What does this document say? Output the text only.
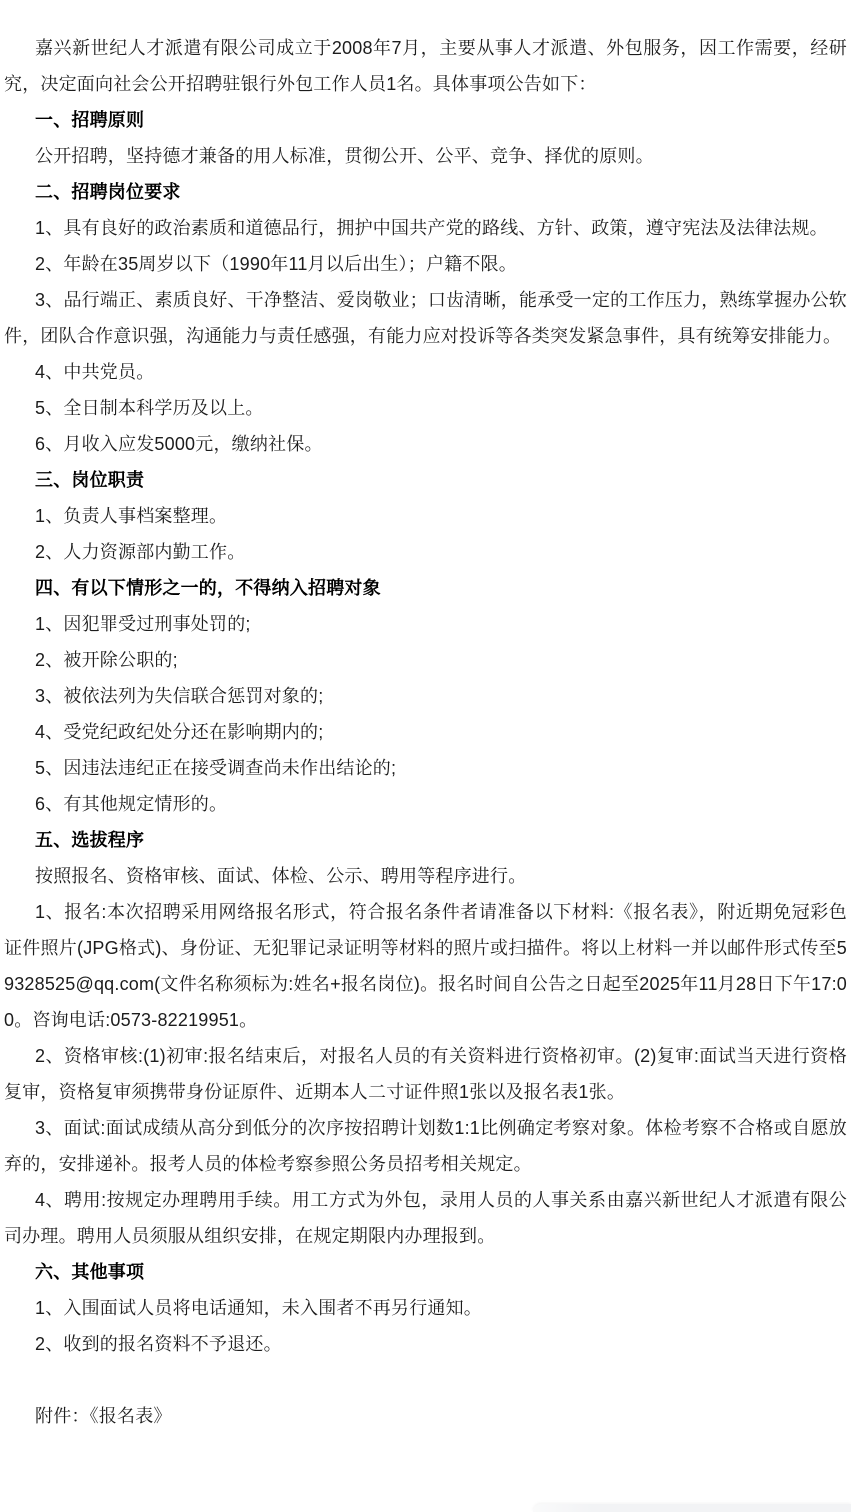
嘉兴新世纪人才派遣有限公司成立于2008年7月，主要从事人才派遣、外包服务，因工作需要，经研究，决定面向社会公开招聘驻银行外包工作人员1名。具体事项公告如下：

一、招聘原则

公开招聘，坚持德才兼备的用人标准，贯彻公开、公平、竞争、择优的原则。

二、招聘岗位要求

1、具有良好的政治素质和道德品行，拥护中国共产党的路线、方针、政策，遵守宪法及法律法规。

2、年龄在35周岁以下（1990年11月以后出生）；户籍不限。

3、品行端正、素质良好、干净整洁、爱岗敬业；口齿清晰，能承受一定的工作压力，熟练掌握办公软件，团队合作意识强，沟通能力与责任感强，有能力应对投诉等各类突发紧急事件，具有统筹安排能力。

4、中共党员。

5、全日制本科学历及以上。

6、月收入应发5000元，缴纳社保。

三、岗位职责

1、负责人事档案整理。

2、人力资源部内勤工作。

四、有以下情形之一的，不得纳入招聘对象

1、因犯罪受过刑事处罚的;

2、被开除公职的;

3、被依法列为失信联合惩罚对象的;

4、受党纪政纪处分还在影响期内的;

5、因违法违纪正在接受调查尚未作出结论的;

6、有其他规定情形的。

五、选拔程序

按照报名、资格审核、面试、体检、公示、聘用等程序进行。

1、报名:本次招聘采用网络报名形式，符合报名条件者请准备以下材料:《报名表》，附近期免冠彩色证件照片(JPG格式)、身份证、无犯罪记录证明等材料的照片或扫描件。将以上材料一并以邮件形式传至59328525@qq.com(文件名称须标为:姓名+报名岗位)。报名时间自公告之日起至2025年11月28日下午17:00。咨询电话:0573-82219951。

2、资格审核:(1)初审:报名结束后，对报名人员的有关资料进行资格初审。(2)复审:面试当天进行资格复审，资格复审须携带身份证原件、近期本人二寸证件照1张以及报名表1张。

3、面试:面试成绩从高分到低分的次序按招聘计划数1:1比例确定考察对象。体检考察不合格或自愿放弃的，安排递补。报考人员的体检考察参照公务员招考相关规定。

4、聘用:按规定办理聘用手续。用工方式为外包，录用人员的人事关系由嘉兴新世纪人才派遣有限公司办理。聘用人员须服从组织安排，在规定期限内办理报到。

六、其他事项

1、入围面试人员将电话通知，未入围者不再另行通知。

2、收到的报名资料不予退还。

附件：《报名表》
